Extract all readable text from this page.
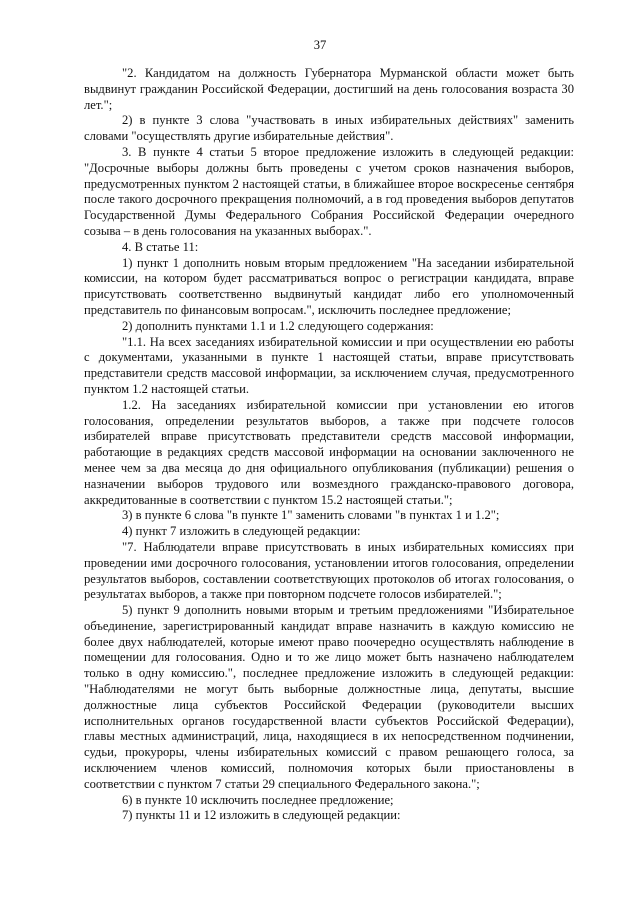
37

"2. Кандидатом на должность Губернатора Мурманской области может быть выдвинут гражданин Российской Федерации, достигший на день голосования возраста 30 лет.";

2) в пункте 3 слова "участвовать в иных избирательных действиях" заменить словами "осуществлять другие избирательные действия".

3. В пункте 4 статьи 5 второе предложение изложить в следующей редакции: "Досрочные выборы должны быть проведены с учетом сроков назначения выборов, предусмотренных пунктом 2 настоящей статьи, в ближайшее второе воскресенье сентября после такого досрочного прекращения полномочий, а в год проведения выборов депутатов Государственной Думы Федерального Собрания Российской Федерации очередного созыва – в день голосования на указанных выборах.".

4. В статье 11:

1) пункт 1 дополнить новым вторым предложением "На заседании избирательной комиссии, на котором будет рассматриваться вопрос о регистрации кандидата, вправе присутствовать соответственно выдвинутый кандидат либо его уполномоченный представитель по финансовым вопросам.", исключить последнее предложение;

2) дополнить пунктами 1.1 и 1.2 следующего содержания:

"1.1. На всех заседаниях избирательной комиссии и при осуществлении ею работы с документами, указанными в пункте 1 настоящей статьи, вправе присутствовать представители средств массовой информации, за исключением случая, предусмотренного пунктом 1.2 настоящей статьи.

1.2. На заседаниях избирательной комиссии при установлении ею итогов голосования, определении результатов выборов, а также при подсчете голосов избирателей вправе присутствовать представители средств массовой информации, работающие в редакциях средств массовой информации на основании заключенного не менее чем за два месяца до дня официального опубликования (публикации) решения о назначении выборов трудового или возмездного гражданско-правового договора, аккредитованные в соответствии с пунктом 15.2 настоящей статьи.";

3) в пункте 6 слова "в пункте 1" заменить словами "в пунктах 1 и 1.2";

4) пункт 7 изложить в следующей редакции:

"7. Наблюдатели вправе присутствовать в иных избирательных комиссиях при проведении ими досрочного голосования, установлении итогов голосования, определении результатов выборов, составлении соответствующих протоколов об итогах голосования, о результатах выборов, а также при повторном подсчете голосов избирателей.";

5) пункт 9 дополнить новыми вторым и третьим предложениями "Избирательное объединение, зарегистрированный кандидат вправе назначить в каждую комиссию не более двух наблюдателей, которые имеют право поочередно осуществлять наблюдение в помещении для голосования. Одно и то же лицо может быть назначено наблюдателем только в одну комиссию.", последнее предложение изложить в следующей редакции: "Наблюдателями не могут быть выборные должностные лица, депутаты, высшие должностные лица субъектов Российской Федерации (руководители высших исполнительных органов государственной власти субъектов Российской Федерации), главы местных администраций, лица, находящиеся в их непосредственном подчинении, судьи, прокуроры, члены избирательных комиссий с правом решающего голоса, за исключением членов комиссий, полномочия которых были приостановлены в соответствии с пунктом 7 статьи 29 специального Федерального закона.";

6) в пункте 10 исключить последнее предложение;

7) пункты 11 и 12 изложить в следующей редакции:
